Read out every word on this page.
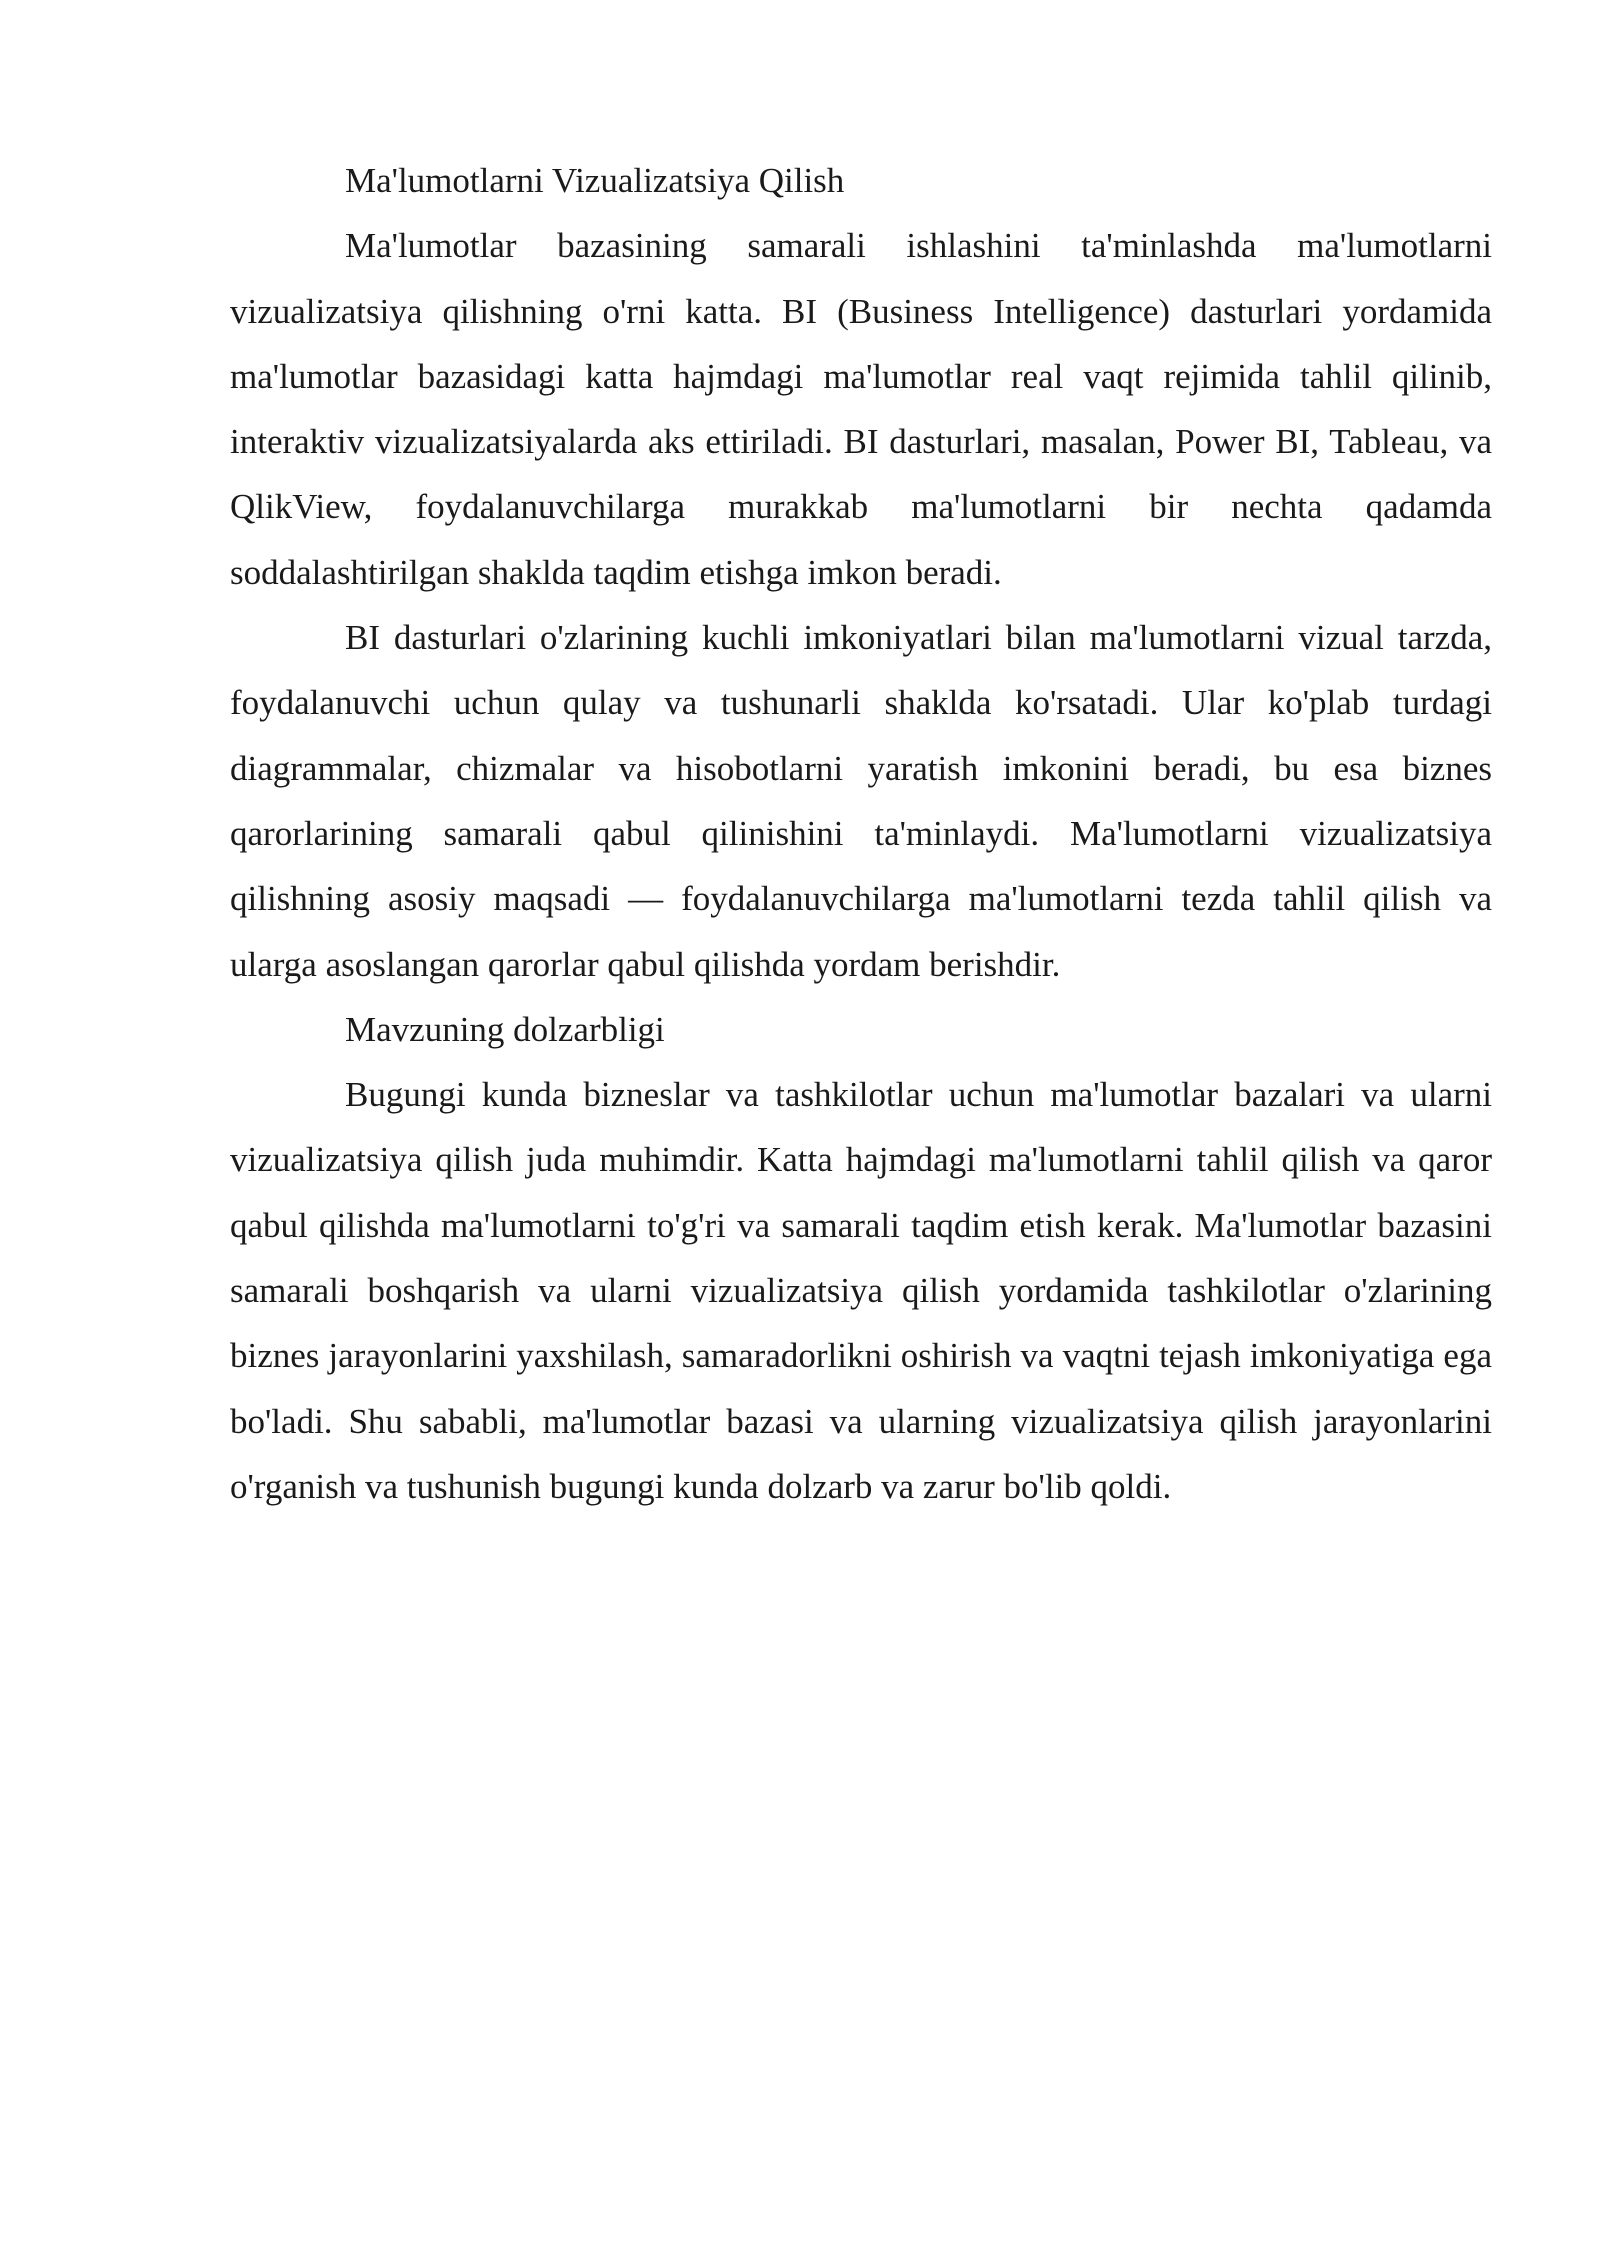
Ma'lumotlarni Vizualizatsiya Qilish

Ma'lumotlar bazasining samarali ishlashini ta'minlashda ma'lumotlarni vizualizatsiya qilishning o'rni katta. BI (Business Intelligence) dasturlari yordamida ma'lumotlar bazasidagi katta hajmdagi ma'lumotlar real vaqt rejimida tahlil qilinib, interaktiv vizualizatsiyalarda aks ettiriladi. BI dasturlari, masalan, Power BI, Tableau, va QlikView, foydalanuvchilarga murakkab ma'lumotlarni bir nechta qadamda soddalashtirilgan shaklda taqdim etishga imkon beradi.

BI dasturlari o'zlarining kuchli imkoniyatlari bilan ma'lumotlarni vizual tarzda, foydalanuvchi uchun qulay va tushunarli shaklda ko'rsatadi. Ular ko'plab turdagi diagrammalar, chizmalar va hisobotlarni yaratish imkonini beradi, bu esa biznes qarorlarining samarali qabul qilinishini ta'minlaydi. Ma'lumotlarni vizualizatsiya qilishning asosiy maqsadi — foydalanuvchilarga ma'lumotlarni tezda tahlil qilish va ularga asoslangan qarorlar qabul qilishda yordam berishdir.

Mavzuning dolzarbligi

Bugungi kunda bizneslar va tashkilotlar uchun ma'lumotlar bazalari va ularni vizualizatsiya qilish juda muhimdir. Katta hajmdagi ma'lumotlarni tahlil qilish va qaror qabul qilishda ma'lumotlarni to'g'ri va samarali taqdim etish kerak. Ma'lumotlar bazasini samarali boshqarish va ularni vizualizatsiya qilish yordamida tashkilotlar o'zlarining biznes jarayonlarini yaxshilash, samaradorlikni oshirish va vaqtni tejash imkoniyatiga ega bo'ladi. Shu sababli, ma'lumotlar bazasi va ularning vizualizatsiya qilish jarayonlarini o'rganish va tushunish bugungi kunda dolzarb va zarur bo'lib qoldi.
